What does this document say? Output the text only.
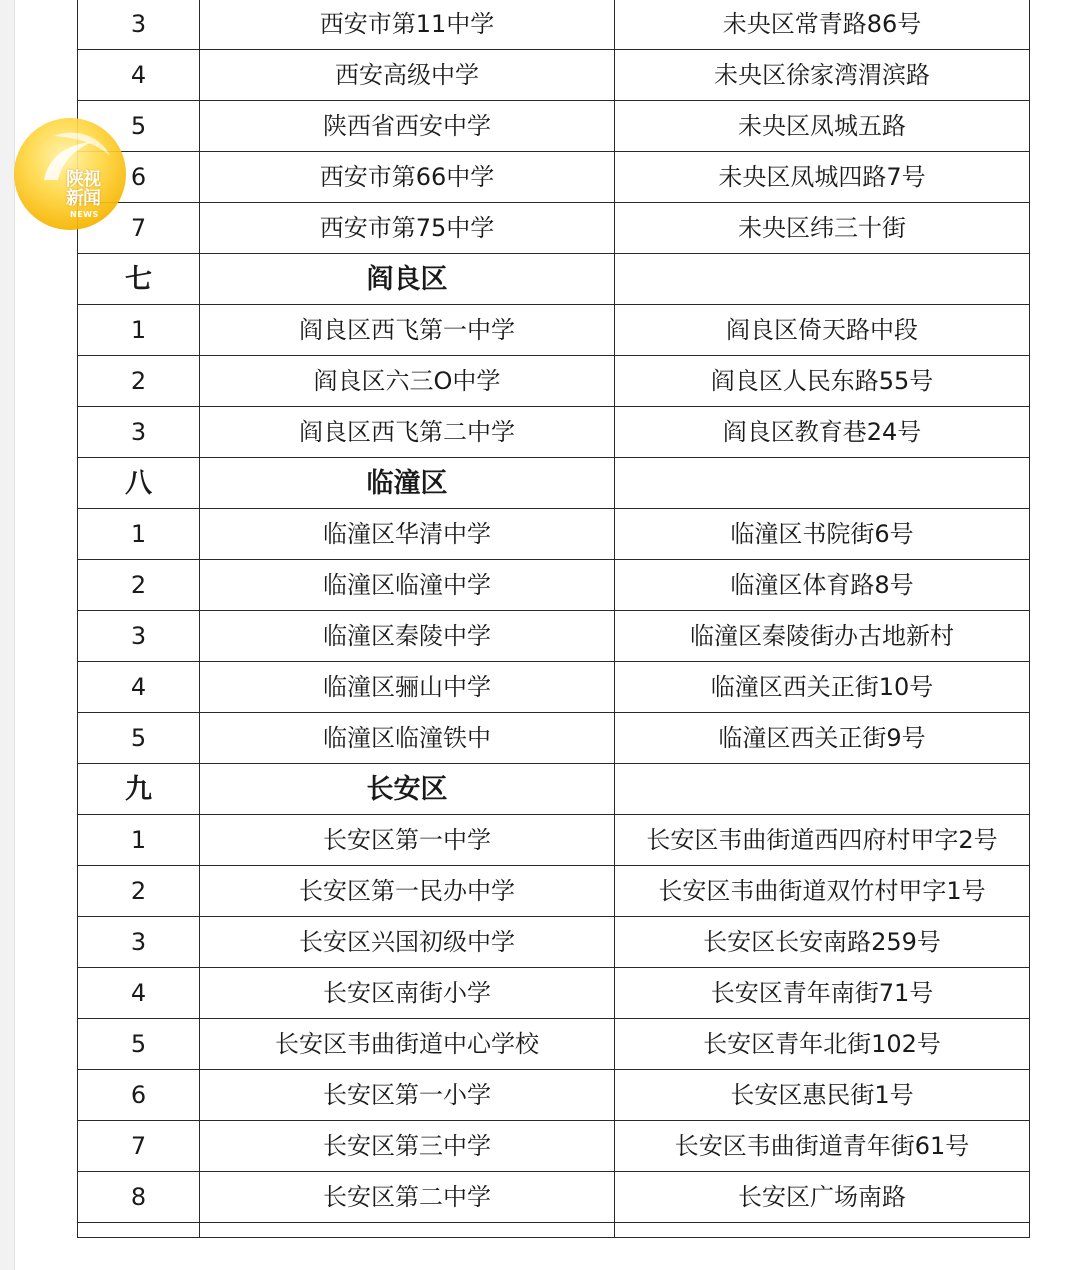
3	西安市第11中学	未央区常青路86号
4	西安高级中学	未央区徐家湾渭滨路
5	陕西省西安中学	未央区凤城五路
6	西安市第66中学	未央区凤城四路7号
7	西安市第75中学	未央区纬三十街
七	阎良区	
1	阎良区西飞第一中学	阎良区倚天路中段
2	阎良区六三O中学	阎良区人民东路55号
3	阎良区西飞第二中学	阎良区教育巷24号
八	临潼区	
1	临潼区华清中学	临潼区书院街6号
2	临潼区临潼中学	临潼区体育路8号
3	临潼区秦陵中学	临潼区秦陵街办古地新村
4	临潼区骊山中学	临潼区西关正街10号
5	临潼区临潼铁中	临潼区西关正街9号
九	长安区	
1	长安区第一中学	长安区韦曲街道西四府村甲字2号
2	长安区第一民办中学	长安区韦曲街道双竹村甲字1号
3	长安区兴国初级中学	长安区长安南路259号
4	长安区南街小学	长安区青年南街71号
5	长安区韦曲街道中心学校	长安区青年北街102号
6	长安区第一小学	长安区惠民街1号
7	长安区第三中学	长安区韦曲街道青年街61号
8	长安区第二中学	长安区广场南路

陕视
新闻
NEWS
